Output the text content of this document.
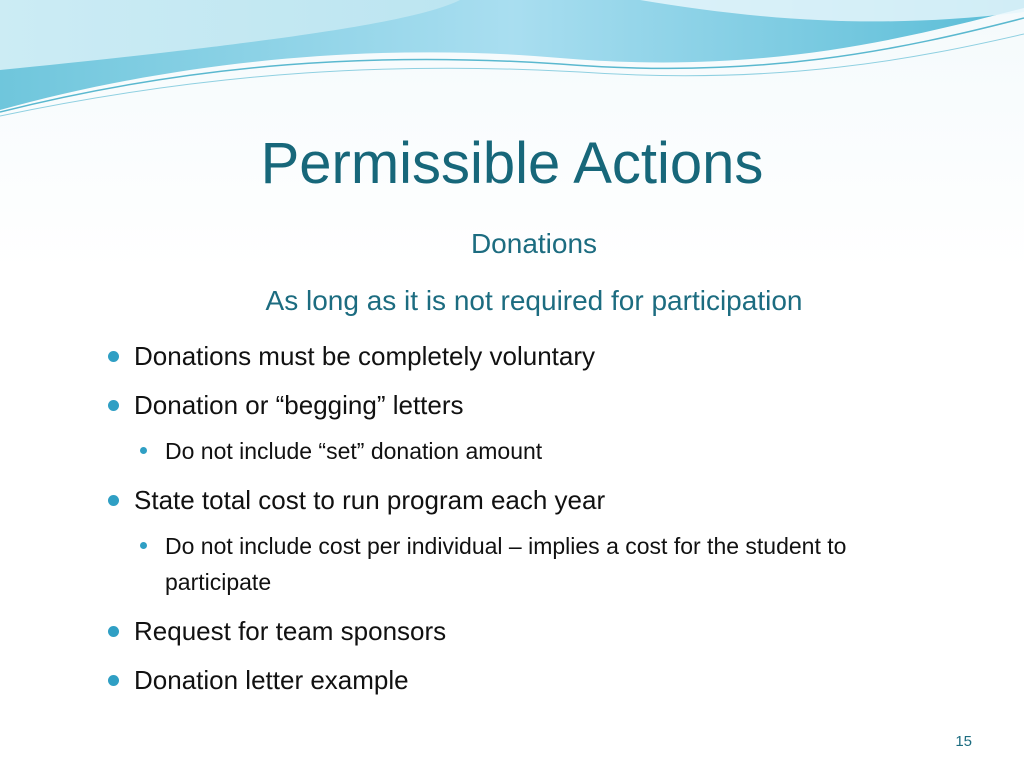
Permissible Actions
Donations
As long as it is not required for participation
Donations must be completely voluntary
Donation or “begging” letters
Do not include “set” donation amount
State total cost to run program each year
Do not include cost per individual – implies a cost for the student to participate
Request for team sponsors
Donation letter example
15
